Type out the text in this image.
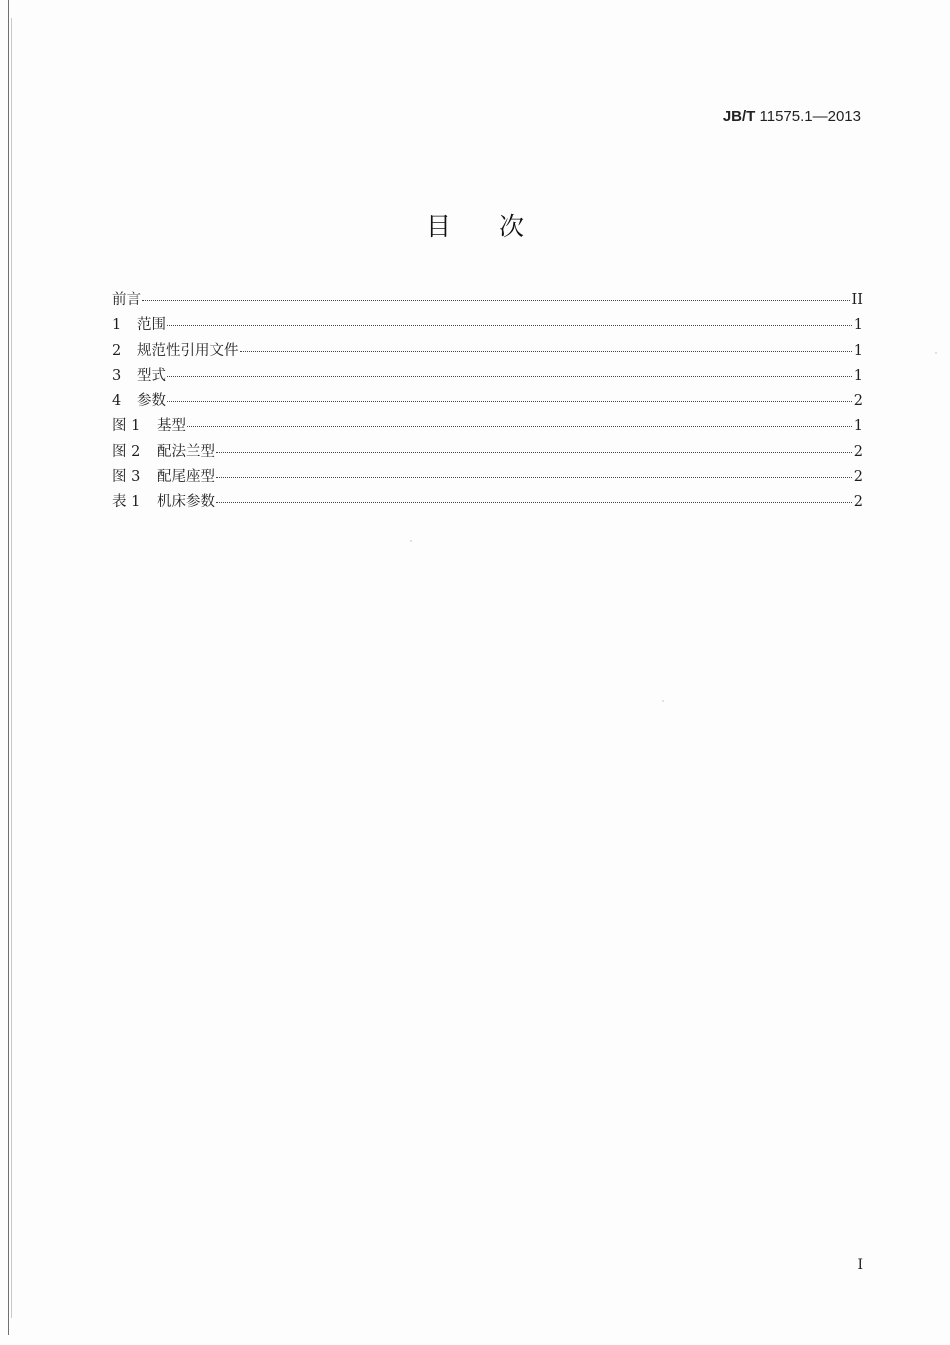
JB/T 11575.1—2013
目次
前言	II
1	范围	1
2	规范性引用文件	1
3	型式	1
4	参数	2
图 1	基型	1
图 2	配法兰型	2
图 3	配尾座型	2
表 1	机床参数	2
I
